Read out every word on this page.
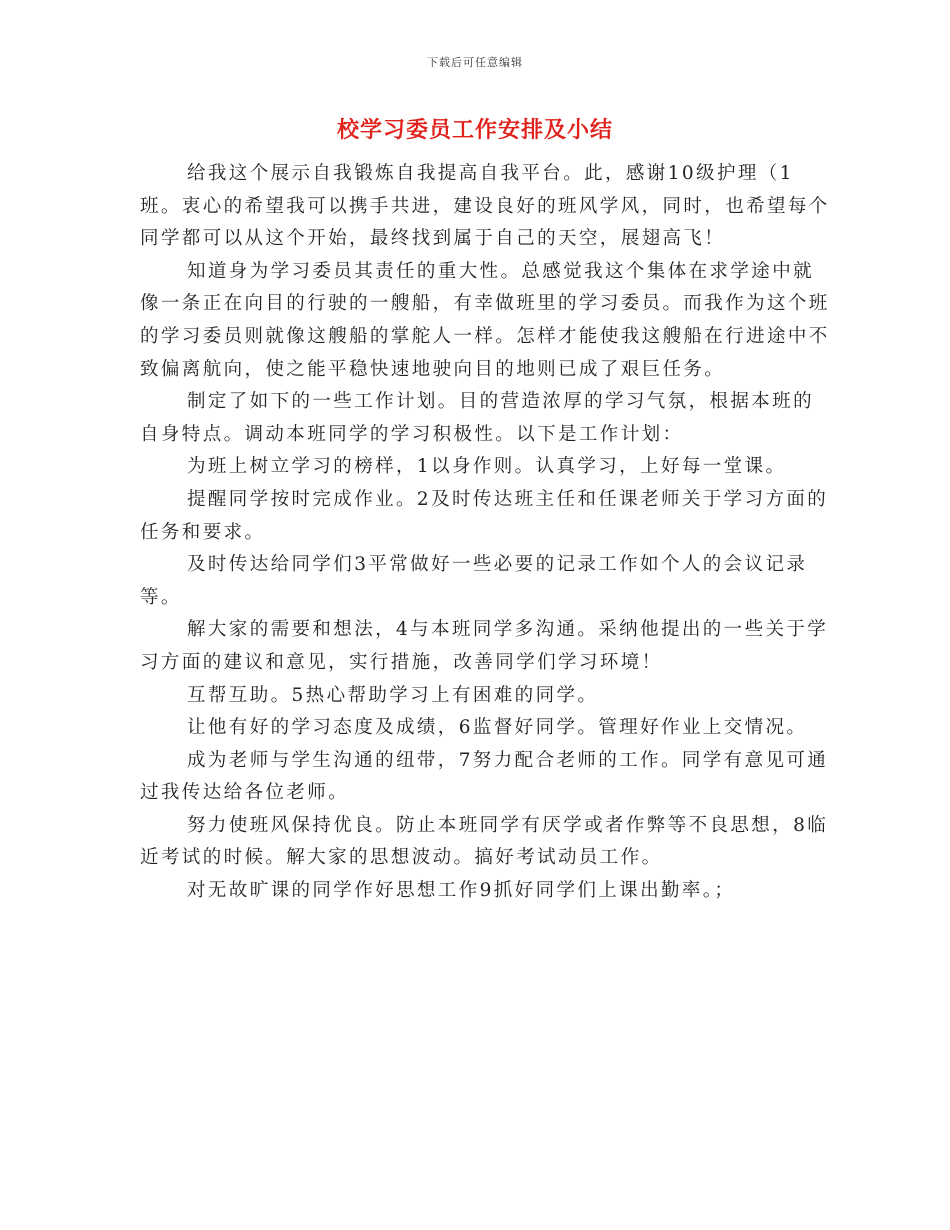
下载后可任意编辑
校学习委员工作安排及小结

给我这个展示自我锻炼自我提高自我平台。此，感谢10级护理（1班。衷心的希望我可以携手共进，建设良好的班风学风，同时，也希望每个同学都可以从这个开始，最终找到属于自己的天空，展翅高飞！

知道身为学习委员其责任的重大性。总感觉我这个集体在求学途中就像一条正在向目的行驶的一艘船，有幸做班里的学习委员。而我作为这个班的学习委员则就像这艘船的掌舵人一样。怎样才能使我这艘船在行进途中不致偏离航向，使之能平稳快速地驶向目的地则已成了艰巨任务。

制定了如下的一些工作计划。目的营造浓厚的学习气氛，根据本班的自身特点。调动本班同学的学习积极性。以下是工作计划：

为班上树立学习的榜样，1以身作则。认真学习，上好每一堂课。

提醒同学按时完成作业。2及时传达班主任和任课老师关于学习方面的任务和要求。

及时传达给同学们3平常做好一些必要的记录工作如个人的会议记录等。

解大家的需要和想法，4与本班同学多沟通。采纳他提出的一些关于学习方面的建议和意见，实行措施，改善同学们学习环境！

互帮互助。5热心帮助学习上有困难的同学。

让他有好的学习态度及成绩，6监督好同学。管理好作业上交情况。

成为老师与学生沟通的纽带，7努力配合老师的工作。同学有意见可通过我传达给各位老师。

努力使班风保持优良。防止本班同学有厌学或者作弊等不良思想，8临近考试的时候。解大家的思想波动。搞好考试动员工作。

对无故旷课的同学作好思想工作9抓好同学们上课出勤率。；
